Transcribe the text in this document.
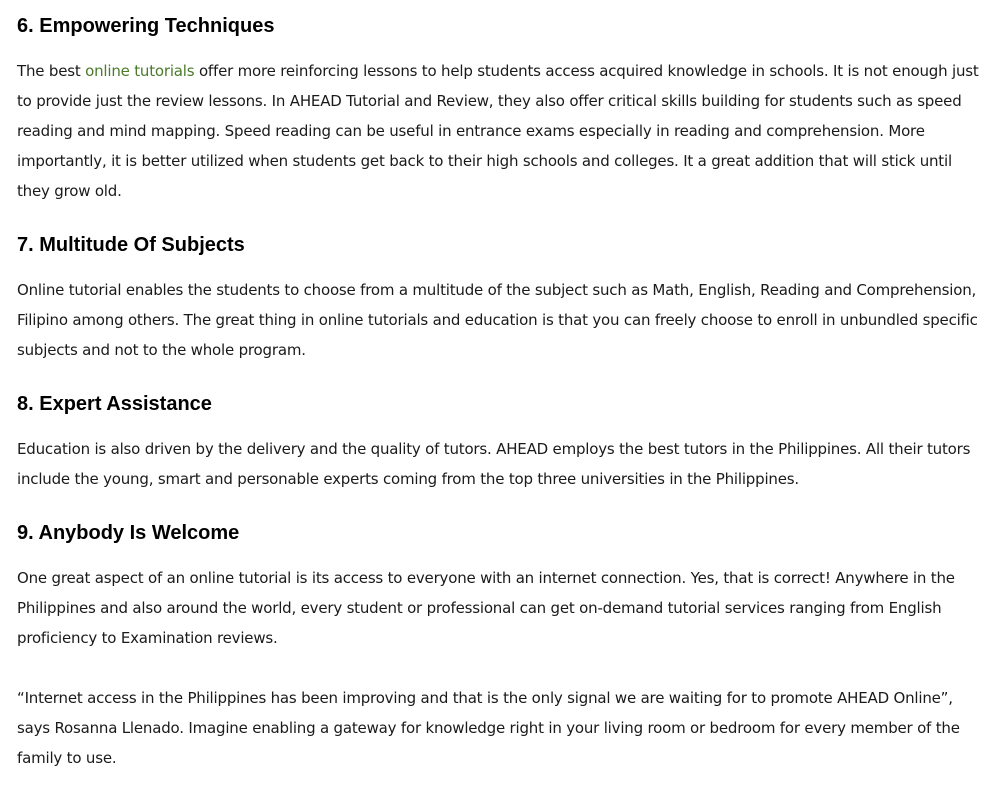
6. Empowering Techniques

The best online tutorials offer more reinforcing lessons to help students access acquired knowledge in schools. It is not enough just to provide just the review lessons. In AHEAD Tutorial and Review, they also offer critical skills building for students such as speed reading and mind mapping. Speed reading can be useful in entrance exams especially in reading and comprehension. More importantly, it is better utilized when students get back to their high schools and colleges. It a great addition that will stick until they grow old.

7. Multitude Of Subjects

Online tutorial enables the students to choose from a multitude of the subject such as Math, English, Reading and Comprehension, Filipino among others. The great thing in online tutorials and education is that you can freely choose to enroll in unbundled specific subjects and not to the whole program.

8. Expert Assistance

Education is also driven by the delivery and the quality of tutors. AHEAD employs the best tutors in the Philippines. All their tutors include the young, smart and personable experts coming from the top three universities in the Philippines.

9. Anybody Is Welcome

One great aspect of an online tutorial is its access to everyone with an internet connection. Yes, that is correct! Anywhere in the Philippines and also around the world, every student or professional can get on-demand tutorial services ranging from English proficiency to Examination reviews.

“Internet access in the Philippines has been improving and that is the only signal we are waiting for to promote AHEAD Online”, says Rosanna Llenado. Imagine enabling a gateway for knowledge right in your living room or bedroom for every member of the family to use.
